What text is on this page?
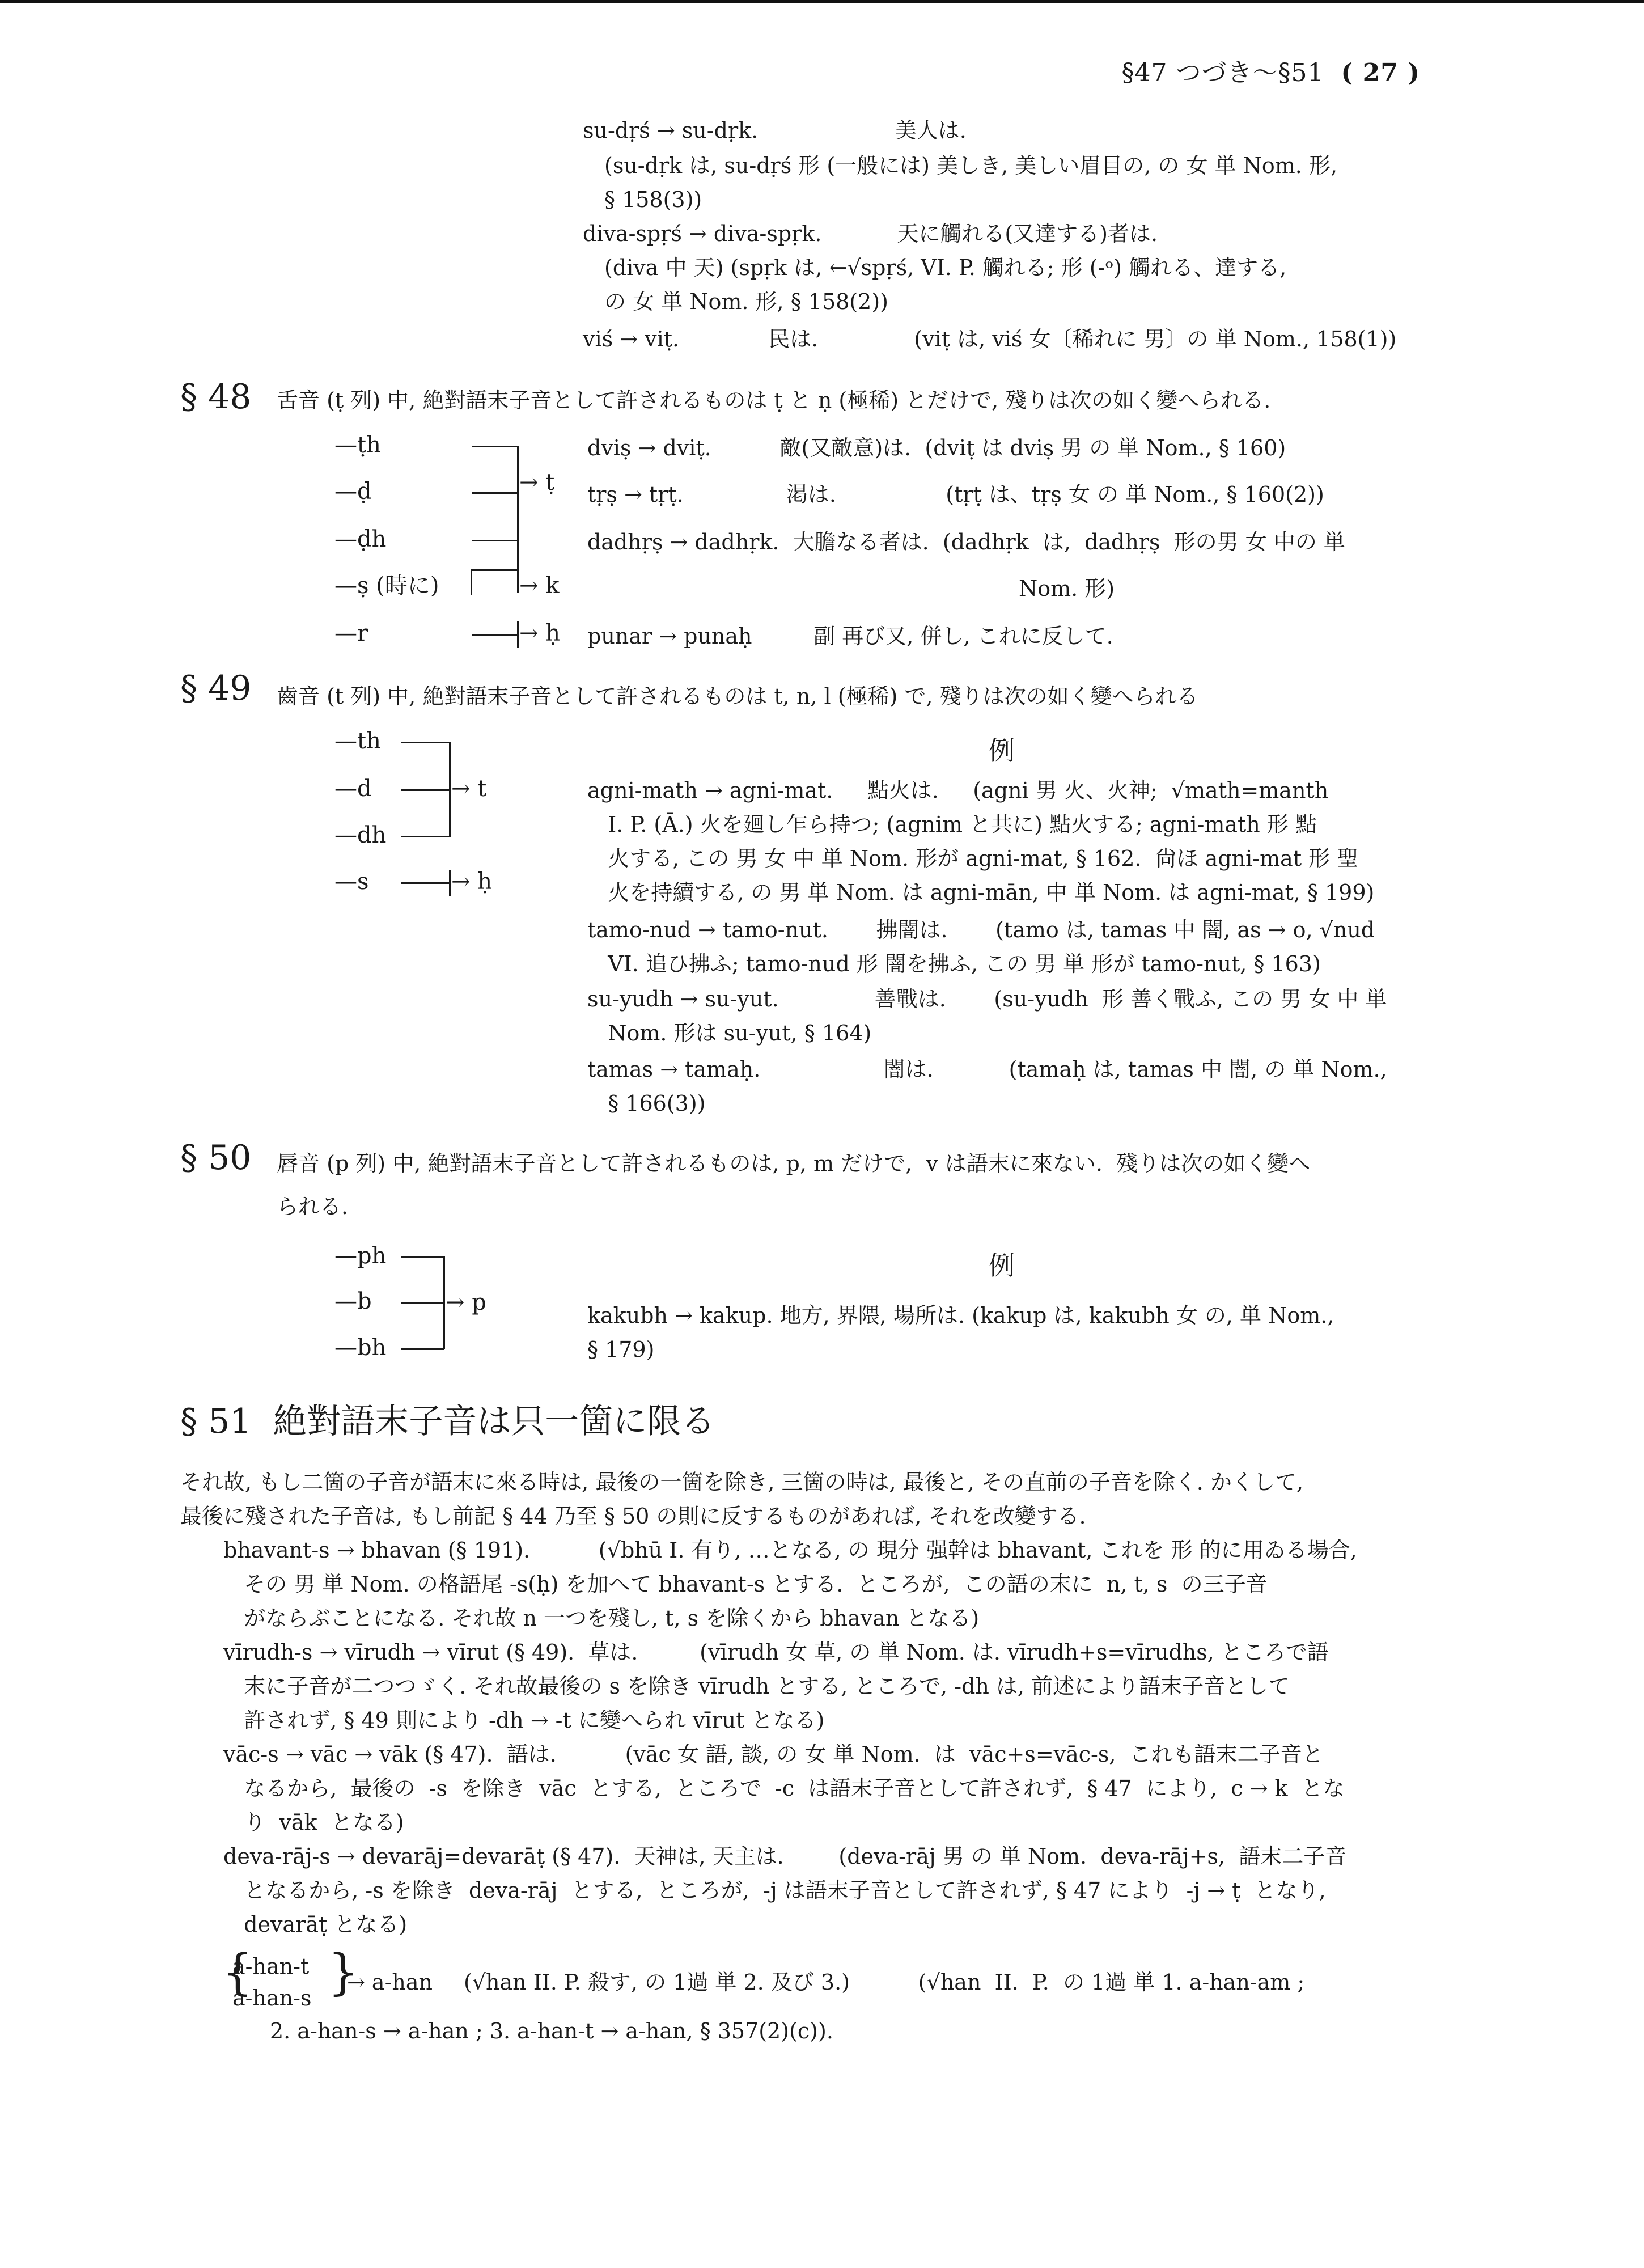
§47 つづき～§51 ( 27 )
su-dṛś → su-dṛk.                    美人は.
(su-dṛk は, su-dṛś 形 (一般には) 美しき, 美しい眉目の, の 女 単 Nom. 形,
§ 158(3))
diva-spṛś → diva-spṛk.           天に觸れる(又達する)者は.
(diva 中 天) (spṛk は, ←√spṛś, VI. P. 觸れる; 形 (-ᵒ) 觸れる、達する,
の 女 単 Nom. 形, § 158(2))
viś → viṭ.             民は.              (viṭ は, viś 女〔稀れに 男〕の 単 Nom., 158(1))
§ 48 舌音 (ṭ 列) 中, 絶對語末子音として許されるものは ṭ と ṇ (極稀) とだけで, 殘りは次の如く變へられる.
—ṭh
—ḍ
—ḍh
—ṣ (時に)
—r
→ ṭ
→ k
→ ḥ
dviṣ → dviṭ.          敵(又敵意)は.  (dviṭ は dviṣ 男 の 単 Nom., § 160)
tṛṣ → tṛṭ.               渇は.                (tṛṭ は、tṛṣ 女 の 単 Nom., § 160(2))
dadhṛṣ → dadhṛk.  大膽なる者は.  (dadhṛk  は,  dadhṛṣ  形の男 女 中の 単
Nom. 形)
punar → punaḥ         副 再び又, 併し, これに反して.
§ 49 齒音 (t 列) 中, 絶對語末子音として許されるものは t, n, l (極稀) で, 殘りは次の如く變へられる
—th
—d
—dh
—s
→ t
→ ḥ
例
agni-math → agni-mat.     點火は.     (agni 男 火、火神;  √math=manth
I. P. (Ā.) 火を廻し乍ら持つ; (agnim と共に) 點火する; agni-math 形 點
火する, この 男 女 中 単 Nom. 形が agni-mat, § 162.  尙ほ agni-mat 形 聖
火を持續する, の 男 単 Nom. は agni-mān, 中 単 Nom. は agni-mat, § 199)
tamo-nud → tamo-nut.       拂闇は.       (tamo は, tamas 中 闇, as → o, √nud
VI. 追ひ拂ふ; tamo-nud 形 闇を拂ふ, この 男 単 形が tamo-nut, § 163)
su-yudh → su-yut.              善戰は.       (su-yudh  形 善く戰ふ, この 男 女 中 単
Nom. 形は su-yut, § 164)
tamas → tamaḥ.                  闇は.           (tamaḥ は, tamas 中 闇, の 単 Nom.,
§ 166(3))
§ 50 唇音 (p 列) 中, 絶對語末子音として許されるものは, p, m だけで,  v は語末に來ない.  殘りは次の如く變へ
られる.
—ph
—b
—bh
→ p
例
kakubh → kakup. 地方, 界隈, 場所は. (kakup は, kakubh 女 の, 単 Nom.,
§ 179)
§ 51 絶對語末子音は只一箇に限る
それ故, もし二箇の子音が語末に來る時は, 最後の一箇を除き, 三箇の時は, 最後と, その直前の子音を除く. かくして,
最後に殘された子音は, もし前記 § 44 乃至 § 50 の則に反するものがあれば, それを改變する.
bhavant-s → bhavan (§ 191).          (√bhū I. 有り, …となる, の 現分 强幹は bhavant, これを 形 的に用ゐる場合,
その 男 単 Nom. の格語尾 -s(ḥ) を加へて bhavant-s とする.  ところが,  この語の末に  n, t, s  の三子音
がならぶことになる. それ故 n 一つを殘し, t, s を除くから bhavan となる)
vīrudh-s → vīrudh → vīrut (§ 49).  草は.         (vīrudh 女 草, の 単 Nom. は. vīrudh+s=vīrudhs, ところで語
末に子音が二つつゞく. それ故最後の s を除き vīrudh とする, ところで, -dh は, 前述により語末子音として
許されず, § 49 則により -dh → -t に變へられ vīrut となる)
vāc-s → vāc → vāk (§ 47).  語は.          (vāc 女 語, 談, の 女 単 Nom.  は  vāc+s=vāc-s,  これも語末二子音と
なるから,  最後の  -s  を除き  vāc  とする,  ところで  -c  は語末子音として許されず,  § 47  により,  c → k  とな
り  vāk  となる)
deva-rāj-s → devarāj=devarāṭ (§ 47).  天神は, 天主は.        (deva-rāj 男 の 単 Nom.  deva-rāj+s,  語末二子音
となるから, -s を除き  deva-rāj  とする,  ところが,  -j は語末子音として許されず, § 47 により  -j → ṭ  となり,
devarāṭ となる)
{
a-han-t
a-han-s }
→ a-han (√han II. P. 殺す, の 1過 単 2. 及び 3.)          (√han  II.  P.  の 1過 単 1. a-han-am ;
2. a-han-s → a-han ; 3. a-han-t → a-han, § 357(2)(c)).
